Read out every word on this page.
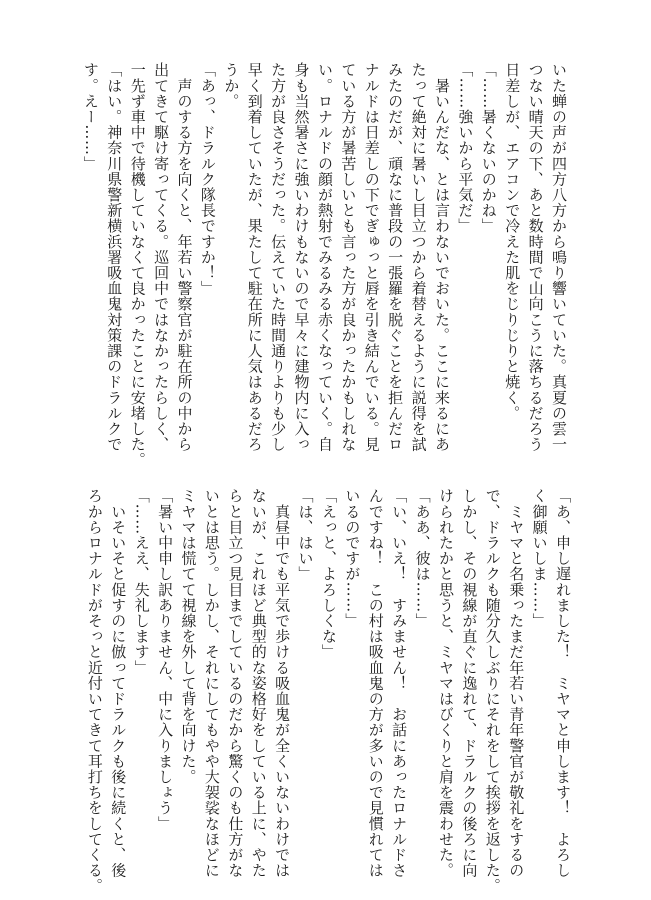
いた蝉の声が四方八方から鳴り響いていた。真夏の雲一
つない晴天の下、あと数時間で山向こうに落ちるだろう
日差しが、エアコンで冷えた肌をじりじりと焼く。
「……暑くないのかね」
「……強いから平気だ」
　暑いんだな、とは言わないでおいた。ここに来るにあ
たって絶対に暑いし目立つから着替えるように説得を試
みたのだが、頑なに普段の一張羅を脱ぐことを拒んだロ
ナルドは日差しの下でぎゅっと唇を引き結んでいる。見
ている方が暑苦しいとも言った方が良かったかもしれな
い。ロナルドの顔が熱射でみるみる赤くなっていく。自
身も当然暑さに強いわけもないので早々に建物内に入っ
た方が良さそうだった。伝えていた時間通りよりも少し
早く到着していたが、果たして駐在所に人気はあるだろ
うか。
「あっ、ドラルク隊長ですか！」
　声のする方を向くと、年若い警察官が駐在所の中から
出てきて駆け寄ってくる。巡回中ではなかったらしく、
一先ず車中で待機していなくて良かったことに安堵した。
「はい。神奈川県警新横浜署吸血鬼対策課のドラルクで
す。えー……」
「あ、申し遅れました！　ミヤマと申します！　よろし
く御願いしま……」
　ミヤマと名乗ったまだ年若い青年警官が敬礼をするの
で、ドラルクも随分久しぶりにそれをして挨拶を返した。
しかし、その視線が直ぐに逸れて、ドラルクの後ろに向
けられたかと思うと、ミヤマはびくりと肩を震わせた。
「ああ、彼は……」
「い、いえ！　すみません！　お話にあったロナルドさ
んですね！　この村は吸血鬼の方が多いので見慣れては
いるのですが……」
「えっと、よろしくな」
「は、はい」
　真昼中でも平気で歩ける吸血鬼が全くいないわけでは
ないが、これほど典型的な姿格好をしている上に、やた
らと目立つ見目までしているのだから驚くのも仕方がな
いとは思う。しかし、それにしてもやや大袈裟なほどに
ミヤマは慌てて視線を外して背を向けた。
「暑い中申し訳ありません、中に入りましょう」
「……ええ、失礼します」
　いそいそと促すのに倣ってドラルクも後に続くと、後
ろからロナルドがそっと近付いてきて耳打ちをしてくる。
